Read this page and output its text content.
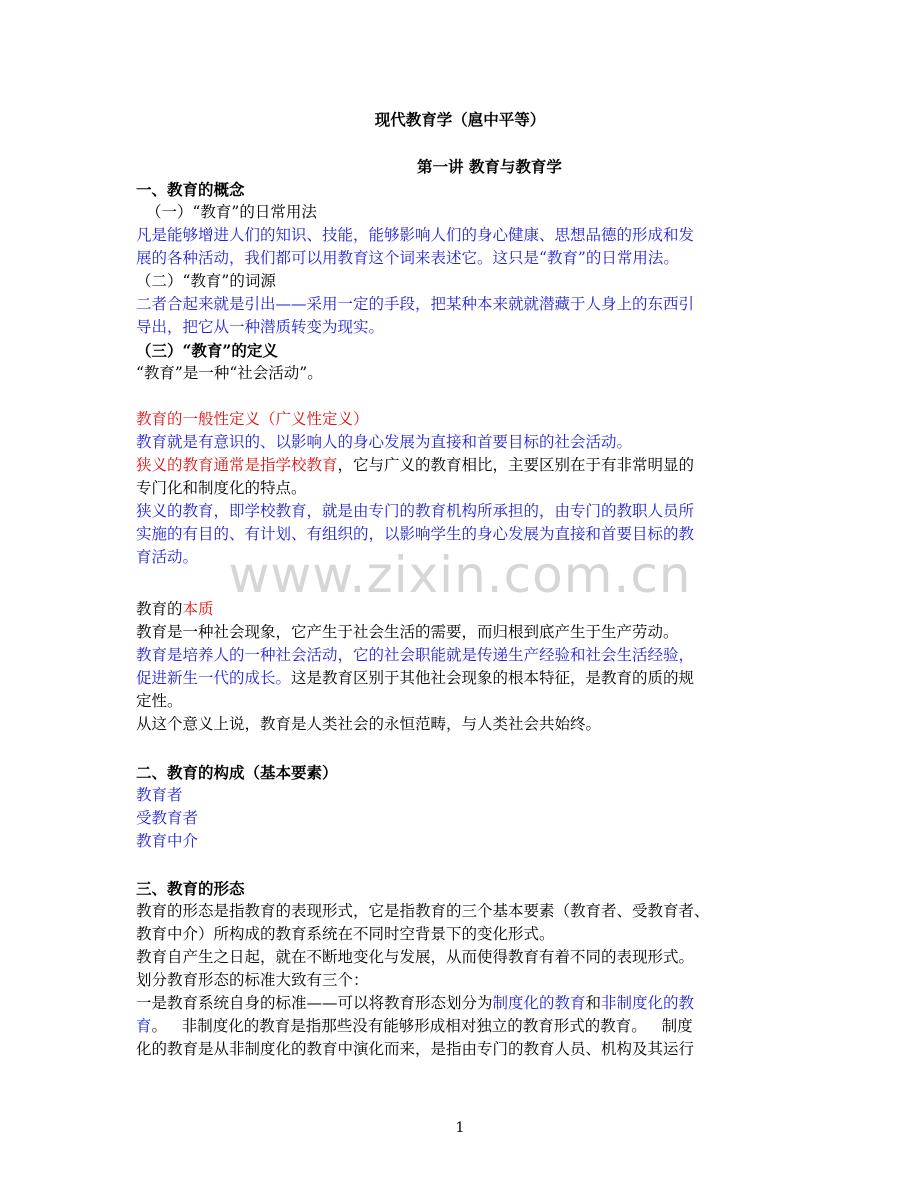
现代教育学（扈中平等）
第一讲 教育与教育学
一、教育的概念
（一）“教育”的日常用法
凡是能够增进人们的知识、技能，能够影响人们的身心健康、思想品德的形成和发
展的各种活动，我们都可以用教育这个词来表述它。这只是“教育”的日常用法。
（二）“教育”的词源
二者合起来就是引出——采用一定的手段，把某种本来就就潜藏于人身上的东西引
导出，把它从一种潜质转变为现实。
（三）“教育”的定义
“教育”是一种“社会活动”。
教育的一般性定义（广义性定义）
教育就是有意识的、以影响人的身心发展为直接和首要目标的社会活动。
狭义的教育通常是指学校教育，它与广义的教育相比，主要区别在于有非常明显的
专门化和制度化的特点。
狭义的教育，即学校教育，就是由专门的教育机构所承担的，由专门的教职人员所
实施的有目的、有计划、有组织的，以影响学生的身心发展为直接和首要目标的教
育活动。 www.zixin.com.cn
教育的本质
教育是一种社会现象，它产生于社会生活的需要，而归根到底产生于生产劳动。
教育是培养人的一种社会活动，它的社会职能就是传递生产经验和社会生活经验，
促进新生一代的成长。这是教育区别于其他社会现象的根本特征，是教育的质的规
定性。
从这个意义上说，教育是人类社会的永恒范畴，与人类社会共始终。
二、教育的构成（基本要素）
教育者
受教育者
教育中介
三、教育的形态
教育的形态是指教育的表现形式，它是指教育的三个基本要素（教育者、受教育者、
教育中介）所构成的教育系统在不同时空背景下的变化形式。
教育自产生之日起，就在不断地变化与发展，从而使得教育有着不同的表现形式。
划分教育形态的标准大致有三个：
一是教育系统自身的标准——可以将教育形态划分为制度化的教育和非制度化的教
育。   非制度化的教育是指那些没有能够形成相对独立的教育形式的教育。   制度
化的教育是从非制度化的教育中演化而来，是指由专门的教育人员、机构及其运行
1
